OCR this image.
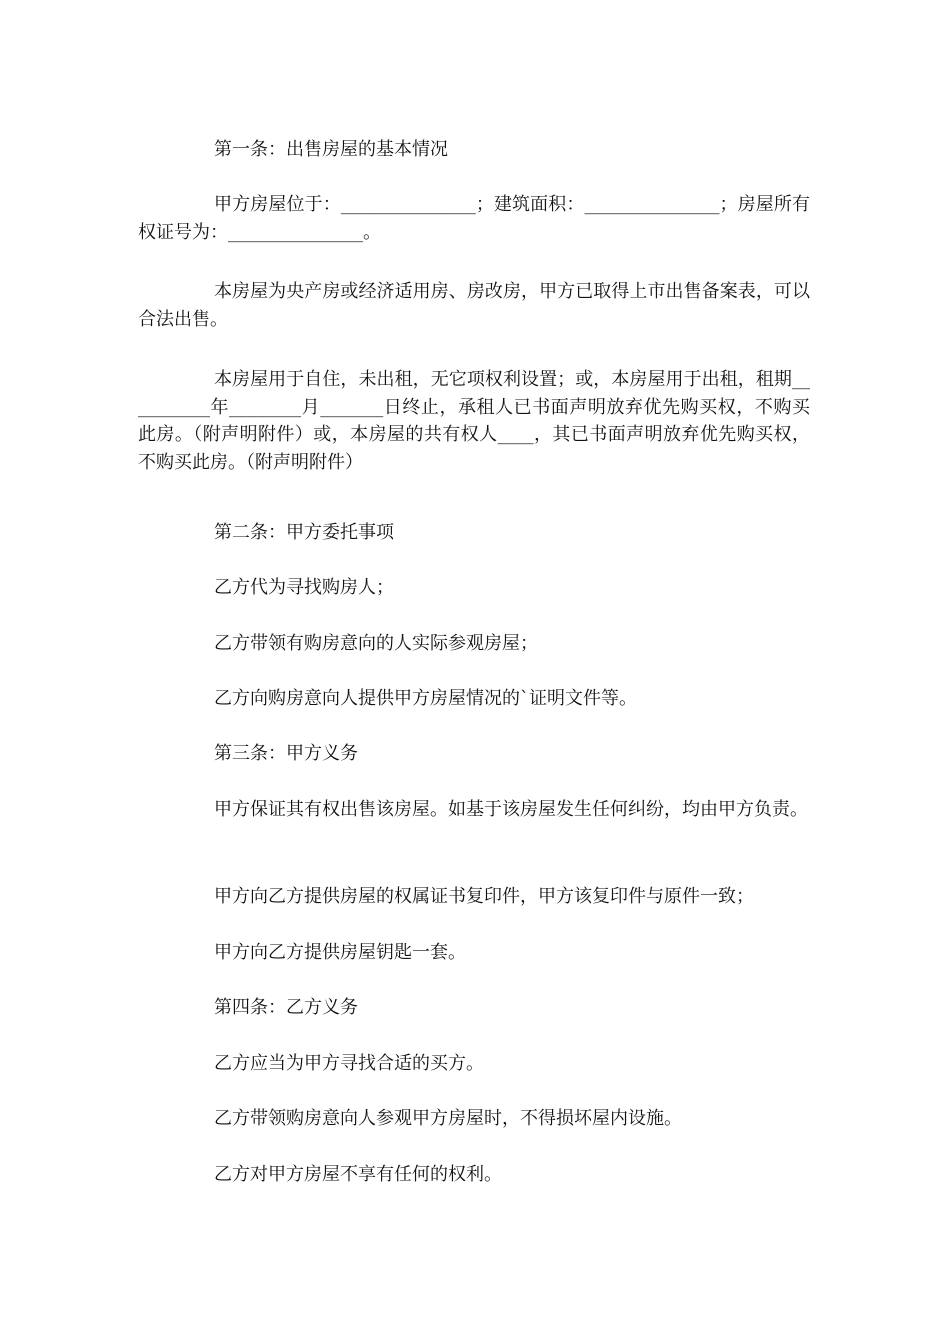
第一条：出售房屋的基本情况

甲方房屋位于：_______________；建筑面积：_______________；房屋所有权证号为：_______________。

本房屋为央产房或经济适用房、房改房，甲方已取得上市出售备案表，可以合法出售。

本房屋用于自住，未出租，无它项权利设置；或，本房屋用于出租，租期__________年________月_______日终止，承租人已书面声明放弃优先购买权，不购买此房。（附声明附件）或，本房屋的共有权人____，其已书面声明放弃优先购买权，不购买此房。（附声明附件）

第二条：甲方委托事项

乙方代为寻找购房人；

乙方带领有购房意向的人实际参观房屋；

乙方向购房意向人提供甲方房屋情况的`证明文件等。

第三条：甲方义务

甲方保证其有权出售该房屋。如基于该房屋发生任何纠纷，均由甲方负责。

甲方向乙方提供房屋的权属证书复印件，甲方该复印件与原件一致；

甲方向乙方提供房屋钥匙一套。

第四条：乙方义务

乙方应当为甲方寻找合适的买方。

乙方带领购房意向人参观甲方房屋时，不得损坏屋内设施。

乙方对甲方房屋不享有任何的权利。
